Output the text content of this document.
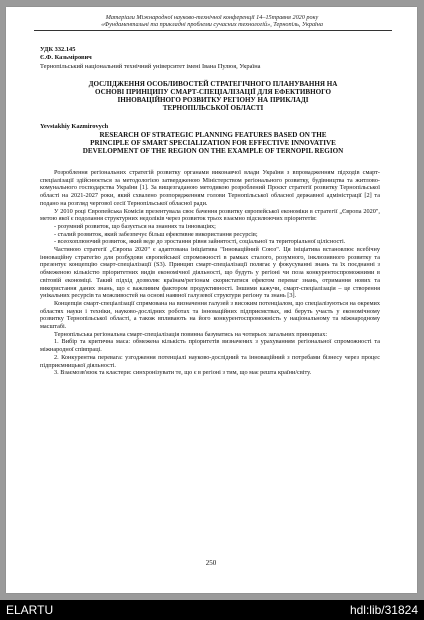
Матеріали Міжнародної науково-технічної конференції 14–15травня 2020 року
«Фундаментальні та прикладні проблеми сучасних технологій», Тернопіль, Україна
УДК 332.145
Є.Ф. Казьмірович
Тернопільський національний технічний університет імені Івана Пулюя, Україна
ДОСЛІДЖЕННЯ ОСОБЛИВОСТЕЙ СТРАТЕГІЧНОГО ПЛАНУВАННЯ НА
ОСНОВІ ПРИНЦИПУ СМАРТ-СПЕЦІАЛІЗАЦІЇ ДЛЯ ЕФЕКТИВНОГО
ІННОВАЦІЙНОГО РОЗВИТКУ РЕГІОНУ НА ПРИКЛАДІ
ТЕРНОПІЛЬСЬКОЇ ОБЛАСТІ
Yevstakhiy Kazmirovych
RESEARCH OF STRATEGIC PLANNING FEATURES BASED ON THE
PRINCIPLE OF SMART SPECIALIZATION FOR EFFECTIVE INNOVATIVE
DEVELOPMENT OF THE REGION ON THE EXAMPLE OF TERNOPIL REGION

Розроблення регіональних стратегій розвитку органами виконавчої влади України з впровадженням підходів смарт-спеціалізації здійснюється за методологією затвердженою Міністерством регіонального розвитку, будівництва та житлово-комунального господарства України [1]. За вищезгаданою методикою розроблений Проєкт стратегії розвитку Тернопільської області на 2021-2027 роки, який схвалено розпорядженням голови Тернопільської обласної державної адміністрації [2] та подано на розгляд чергової сесії Тернопільської обласної ради.

У 2010 році Європейська Комісія презентувала своє бачення розвитку європейської економіки в стратегії „Європа 2020", метою якої є подолання структурних недоліків через розвиток трьох взаємно підсилюючих пріоритетів:

- розумний розвиток, що базується на знаннях та інноваціях;

- сталий розвиток, який забезпечує більш ефективне використання ресурсів;

- всеохоплюючий розвиток, який веде до зростання рівня зайнятості, соціальної та територіальної цілісності.

Частиною стратегії „Європа 2020" є адаптована ініціатива "Інноваційний Союз". Ця ініціатива встановлює всебічну інноваційну стратегію для розбудови європейської спроможності в рамках сталого, розумного, інклюзивного розвитку та презентує концепцію смарт-спеціалізації (S3). Принцип смарт-спеціалізації полягає у фокусуванні знань та їх поєднанні з обмеженою кількістю пріоритетних видів економічної діяльності, що будуть у регіоні чи поза конкурентоспроможними в світовій економіці. Такий підхід дозволяє країнам/регіонам скористатися ефектом переваг знань, отримання нових та використання даних знань, що є важливим фактором продуктивності. Іншими кажучи, смарт-спеціалізація – це створення унікальних ресурсів та можливостей на основі наявної галузевої структури регіону та знань [3].

Концепція смарт-спеціалізації спрямована на визначення галузей з високим потенціалом, що спеціалізуються на окремих областях науки і техніки, науково-дослідних роботах та інноваційних підприємствах, які беруть участь у економічному розвитку Тернопільської області, а також впливають на його конкурентоспроможність у національному та міжнародному масштабі.

Тернопільська регіональна смарт-спеціалізація повинна базуватись на чотирьох загальних принципах:

1. Вибір та критична маса: обмежена кількість пріоритетів визначених з урахуванням регіональної спроможності та міжнародної співпраці.

2. Конкурентна перевага: узгодження потенціалі науково-дослідний та інноваційний з потребами бізнесу через процес підприємницької діяльності.

3. Взаємозв'язок та кластери: синхронізувати те, що є в регіоні з тим, що має решта країни/світу.

250
ELARTU	hdl:lib/31824
